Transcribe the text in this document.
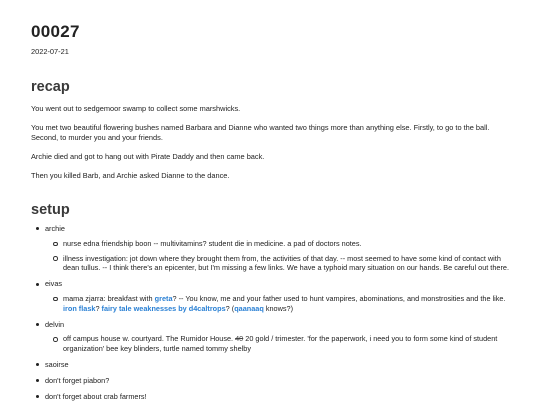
00027
2022-07-21
recap

You went out to sedgemoor swamp to collect some marshwicks.

You met two beautiful flowering bushes named Barbara and Dianne who wanted two things more than anything else. Firstly, to go to the ball. Second, to murder you and your friends.

Archie died and got to hang out with Pirate Daddy and then came back.

Then you killed Barb, and Archie asked Dianne to the dance.

setup
archie
nurse edna friendship boon -- multivitamins? student die in medicine. a pad of doctors notes.
illness investigation: jot down where they brought them from, the activities of that day. -- most seemed to have some kind of contact with dean tullus. -- I think there's an epicenter, but I'm missing a few links. We have a typhoid mary situation on our hands. Be careful out there.
eivas
mama zjarra: breakfast with greta? -- You know, me and your father used to hunt vampires, abominations, and monstrosities and the like. iron flask? fairy tale weaknesses by d4caltrops? (qaanaaq knows?)
delvin
off campus house w. courtyard. The Rumidor House. 40 20 gold / trimester. 'for the paperwork, i need you to form some kind of student organization' bee key blinders, turtle named tommy shelby
saoirse
don't forget piabon?
don't forget about crab farmers!
